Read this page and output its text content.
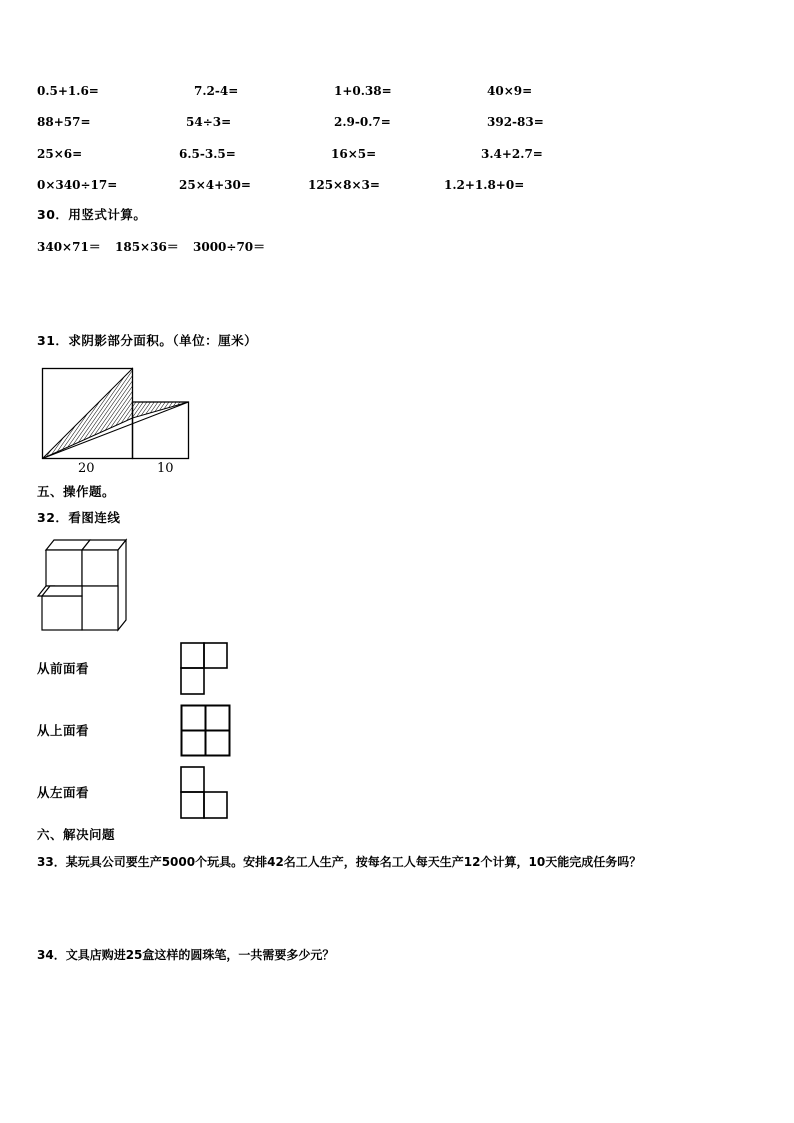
0.5+1.6=	7.2-4=	1+0.38=	40×9=
88+57=	54÷3=	2.9-0.7=	392-83=
25×6=	6.5-3.5=	16×5=	3.4+2.7=
0×340÷17=	25×4+30=	125×8×3=	1.2+1.8+0=
30．用竖式计算。
340×71＝ 185×36＝ 3000÷70＝
31．求阴影部分面积。（单位：厘米）
20	10
五、操作题。
32．看图连线
从前面看
从上面看
从左面看
六、解决问题
33．某玩具公司要生产5000个玩具。安排42名工人生产，按每名工人每天生产12个计算，10天能完成任务吗？
34．文具店购进25盒这样的圆珠笔，一共需要多少元？
